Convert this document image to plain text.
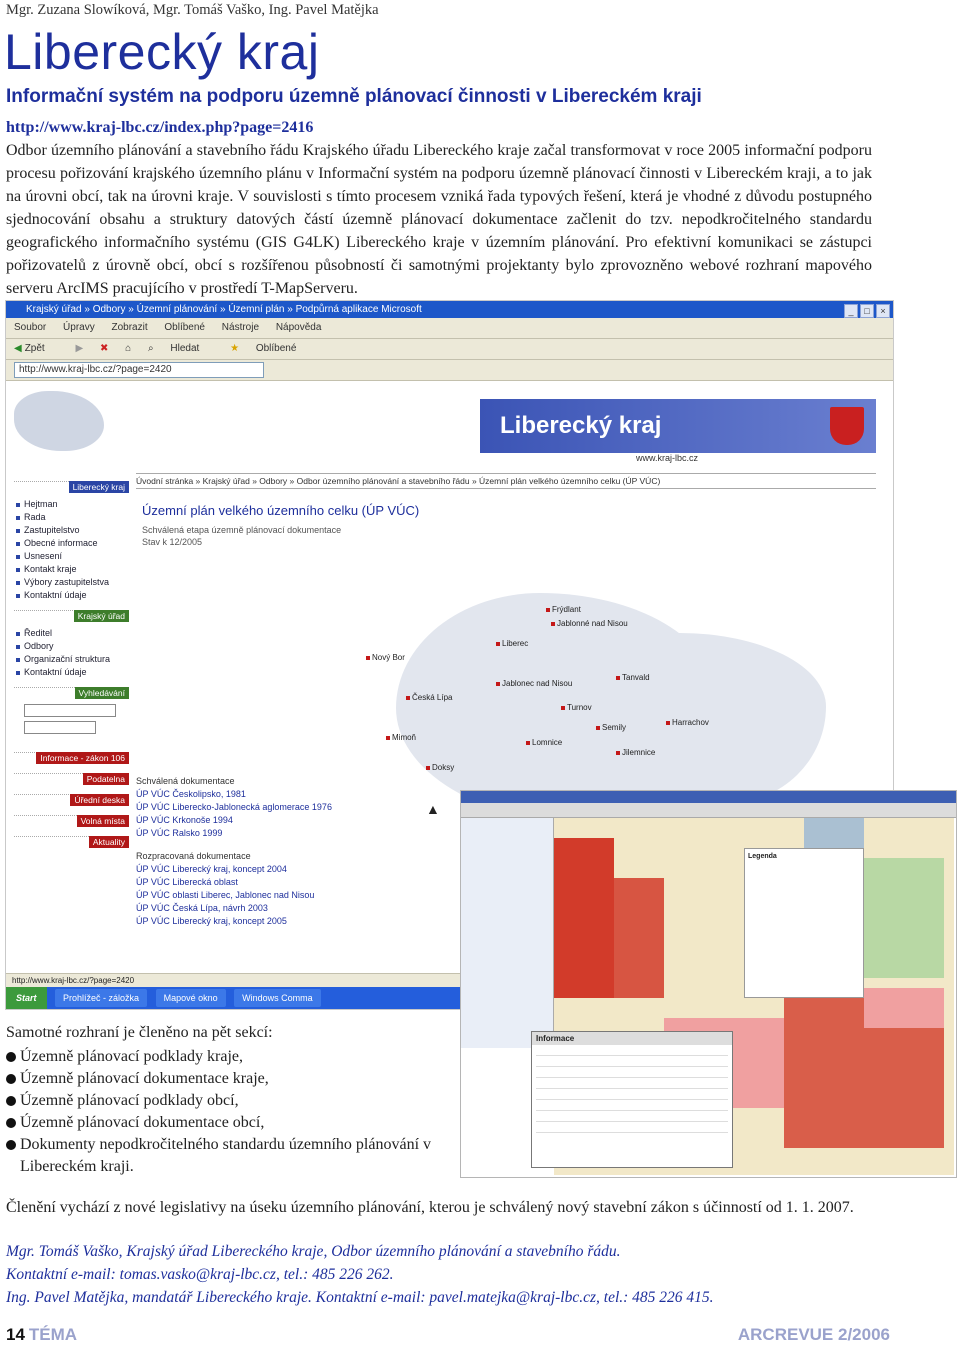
Mgr. Zuzana Slowíková, Mgr. Tomáš Vaško, Ing. Pavel Matějka
Liberecký kraj
Informační systém na podporu územně plánovací činnosti v Libereckém kraji
http://www.kraj-lbc.cz/index.php?page=2416
Odbor územního plánování a stavebního řádu Krajského úřadu Libereckého kraje začal transformovat v roce 2005 informační podporu procesu pořizování krajského územního plánu v Informační systém na podporu územně plánovací činnosti v Libereckém kraji, a to jak na úrovni obcí, tak na úrovni kraje. V souvislosti s tímto procesem vzniká řada typových řešení, která je vhodné z důvodu postupného sjednocování obsahu a struktury datových částí územně plánovací dokumentace začlenit do tzv. nepodkročitelného standardu geografického informačního systému (GIS G4LK) Libereckého kraje v územním plánování. Pro efektivní komunikaci se zástupci pořizovatelů z úrovně obcí, obcí s rozšířenou působností či samotnými projektanty bylo zprovozněno webové rozhraní mapového serveru ArcIMS pracujícího v prostředí T-MapServeru.
Krajský úřad » Odbory » Územní plánování » Územní plán » Podpůrná aplikace Microsoft	_ □ ×
Soubor Úpravy Zobrazit Oblíbené Nástroje Nápověda
◀ Zpět	▶ ✖ ⌂ ⌕ Hledat	★ Oblíbené
http://www.kraj-lbc.cz/?page=2420
Liberecký kraj
www.kraj-lbc.cz
Liberecký kraj
Hejtman
Rada
Zastupitelstvo
Obecné informace
Usnesení
Kontakt kraje
Výbory zastupitelstva
Kontaktní údaje
Krajský úřad
Ředitel
Odbory
Organizační struktura
Kontaktní údaje
Vyhledávání
Informace - zákon 106
Podatelna
Úřední deska
Volná místa
Aktuality
Úvodní stránka » Krajský úřad » Odbory » Odbor územního plánování a stavebního řádu » Územní plán velkého územního celku (ÚP VÚC)
Územní plán velkého územního celku (ÚP VÚC)
Schválená etapa územně plánovací dokumentace
Stav k 12/2005
Jablonné nad Nisou
Liberec
Frýdlant
Semily
Jablonec nad Nisou
Tanvald
Turnov
Česká Lípa
Nový Bor
Mimoň
Doksy
Jilemnice
Harrachov
Lomnice
▲
Schválená dokumentace
ÚP VÚC Českolipsko, 1981
ÚP VÚC Liberecko-Jablonecká aglomerace 1976
ÚP VÚC Krkonoše 1994
ÚP VÚC Ralsko 1999
Rozpracovaná dokumentace
ÚP VÚC Liberecký kraj, koncept 2004
ÚP VÚC Liberecká oblast
ÚP VÚC oblasti Liberec, Jablonec nad Nisou
ÚP VÚC Česká Lípa, návrh 2003
ÚP VÚC Liberecký kraj, koncept 2005
http://www.kraj-lbc.cz/?page=2420
Start	Prohlížeč - záložka	Mapové okno	Windows Comma
Legenda
Informace
Samotné rozhraní je členěno na pět sekcí:
Územně plánovací podklady kraje,
Územně plánovací dokumentace kraje,
Územně plánovací podklady obcí,
Územně plánovací dokumentace obcí,
Dokumenty nepodkročitelného standardu územního plánování v Libereckém kraji.
Členění vychází z nové legislativy na úseku územního plánování, kterou je schválený nový stavební zákon s účinností od 1. 1. 2007.
Mgr. Tomáš Vaško, Krajský úřad Libereckého kraje, Odbor územního plánování a stavebního řádu.
Kontaktní e-mail: tomas.vasko@kraj-lbc.cz, tel.: 485 226 262.
Ing. Pavel Matějka, mandatář Libereckého kraje. Kontaktní e-mail: pavel.matejka@kraj-lbc.cz, tel.: 485 226 415.
14 TÉMA	ARCREVUE 2/2006
